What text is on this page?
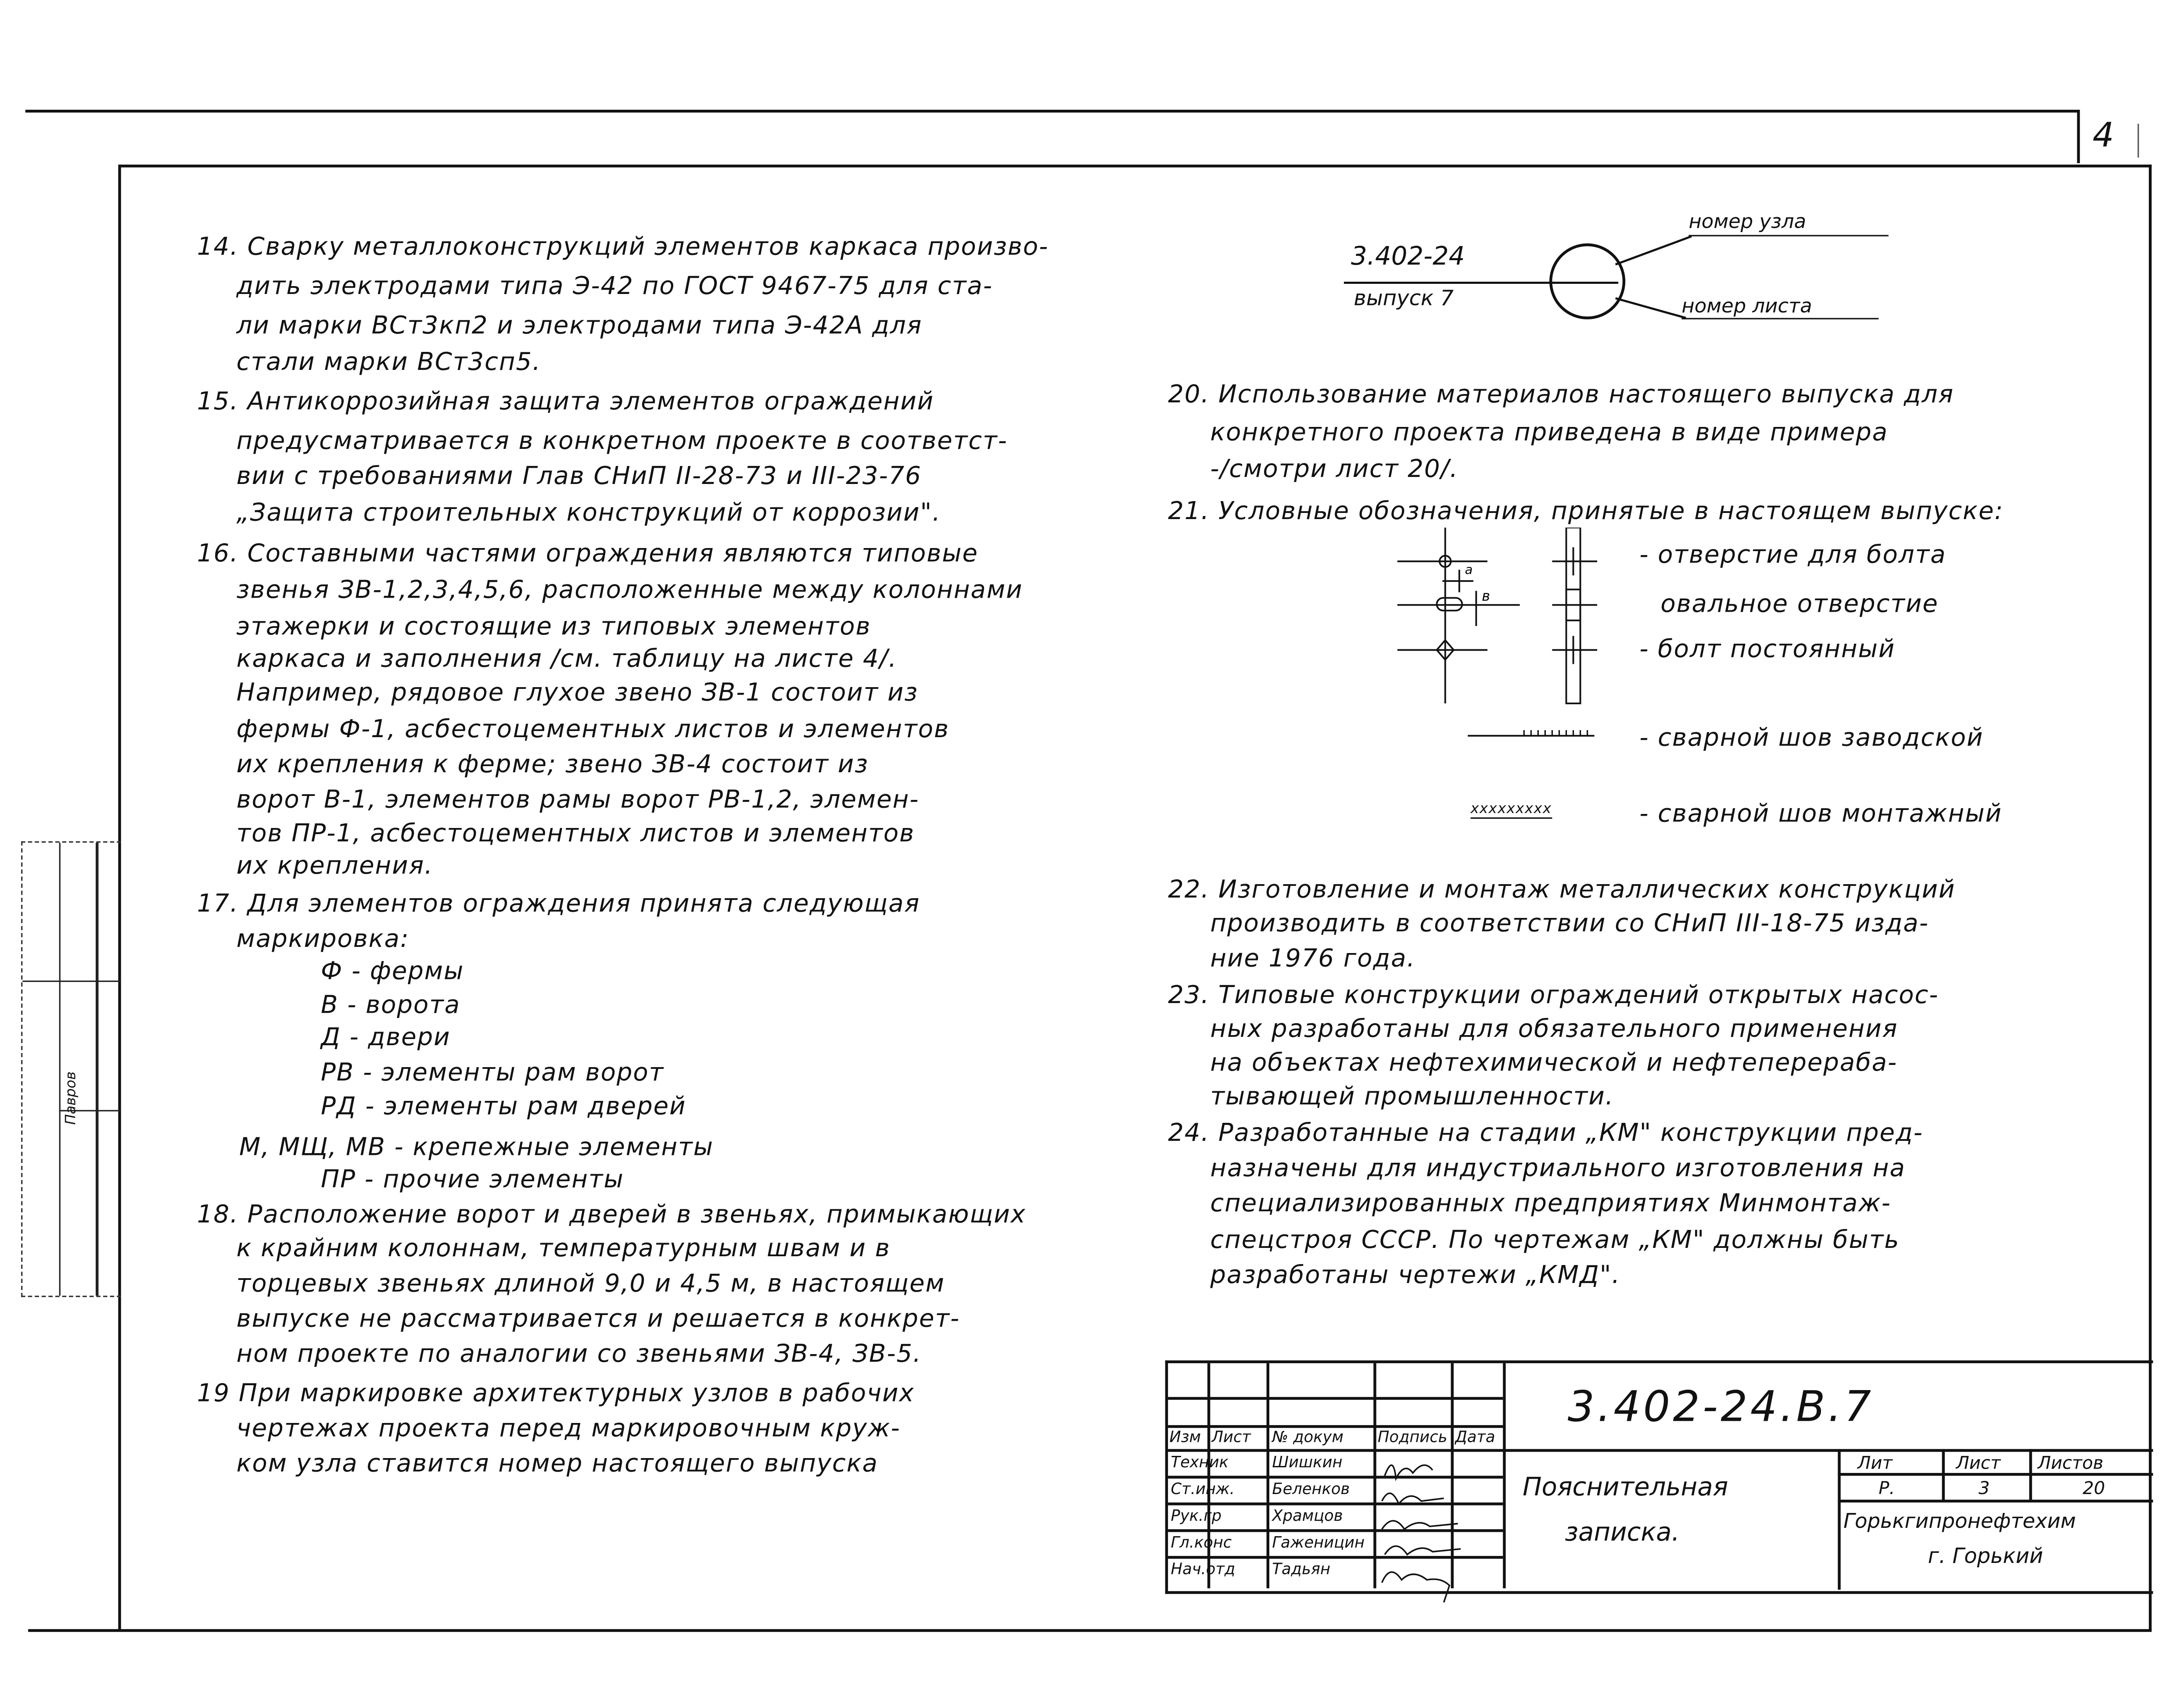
4
Павров
14. Сварку металлоконструкций элементов каркаса произво-
дить электродами типа Э-42 по ГОСТ 9467-75 для ста-
ли марки ВСт3кп2 и электродами типа Э-42А для
стали марки ВСт3сп5.
15. Антикоррозийная защита элементов ограждений
предусматривается в конкретном проекте в соответст-
вии с требованиями Глав СНиП II-28-73 и III-23-76
„Защита строительных конструкций от коррозии".
16. Составными частями ограждения являются типовые
звенья ЗВ-1,2,3,4,5,6, расположенные между колоннами
этажерки и состоящие из типовых элементов
каркаса и заполнения /см. таблицу на листе 4/.
Например, рядовое глухое звено ЗВ-1 состоит из
фермы Ф-1, асбестоцементных листов и элементов
их крепления к ферме; звено ЗВ-4 состоит из
ворот В-1, элементов рамы ворот РВ-1,2, элемен-
тов ПР-1, асбестоцементных листов и элементов
их крепления.
17. Для элементов ограждения принята следующая
маркировка:
Ф - фермы
В - ворота
Д - двери
РВ - элементы рам ворот
РД - элементы рам дверей
М, МЩ, МВ - крепежные элементы
ПР - прочие элементы
18. Расположение ворот и дверей в звеньях, примыкающих
к крайним колоннам, температурным швам и в
торцевых звеньях длиной 9,0 и 4,5 м, в настоящем
выпуске не рассматривается и решается в конкрет-
ном проекте по аналогии со звеньями ЗВ-4, ЗВ-5.
19 При маркировке архитектурных узлов в рабочих
чертежах проекта перед маркировочным круж-
ком узла ставится номер настоящего выпуска
3.402-24
выпуск 7
номер узла
номер листа
20. Использование материалов настоящего выпуска для
конкретного проекта приведена в виде примера
-/смотри лист 20/.
21. Условные обозначения, принятые в настоящем выпуске:
a
в
- отверстие для болта
овальное отверстие
- болт постоянный
- сварной шов заводской
xxxxxxxxx	- сварной шов монтажный
22. Изготовление и монтаж металлических конструкций
производить в соответствии со СНиП III-18-75 изда-
ние 1976 года.
23. Типовые конструкции ограждений открытых насос-
ных разработаны для обязательного применения
на объектах нефтехимической и нефтеперераба-
тывающей промышленности.
24. Разработанные на стадии „КМ" конструкции пред-
назначены для индустриального изготовления на
специализированных предприятиях Минмонтаж-
спецстроя СССР. По чертежам „КМ" должны быть
разработаны чертежи „КМД".
Изм Лист	№ докум	Подпись Дата
Техник	Шишкин
Ст.инж.	Беленков
Рук.гр	Храмцов
Гл.конс	Гаженицин
Нач.отд	Тадьян
3.402-24.В.7
Пояснительная
записка.
Лит	Лист	Листов
Р.	3	20
Горькгипронефтехим
г. Горький
